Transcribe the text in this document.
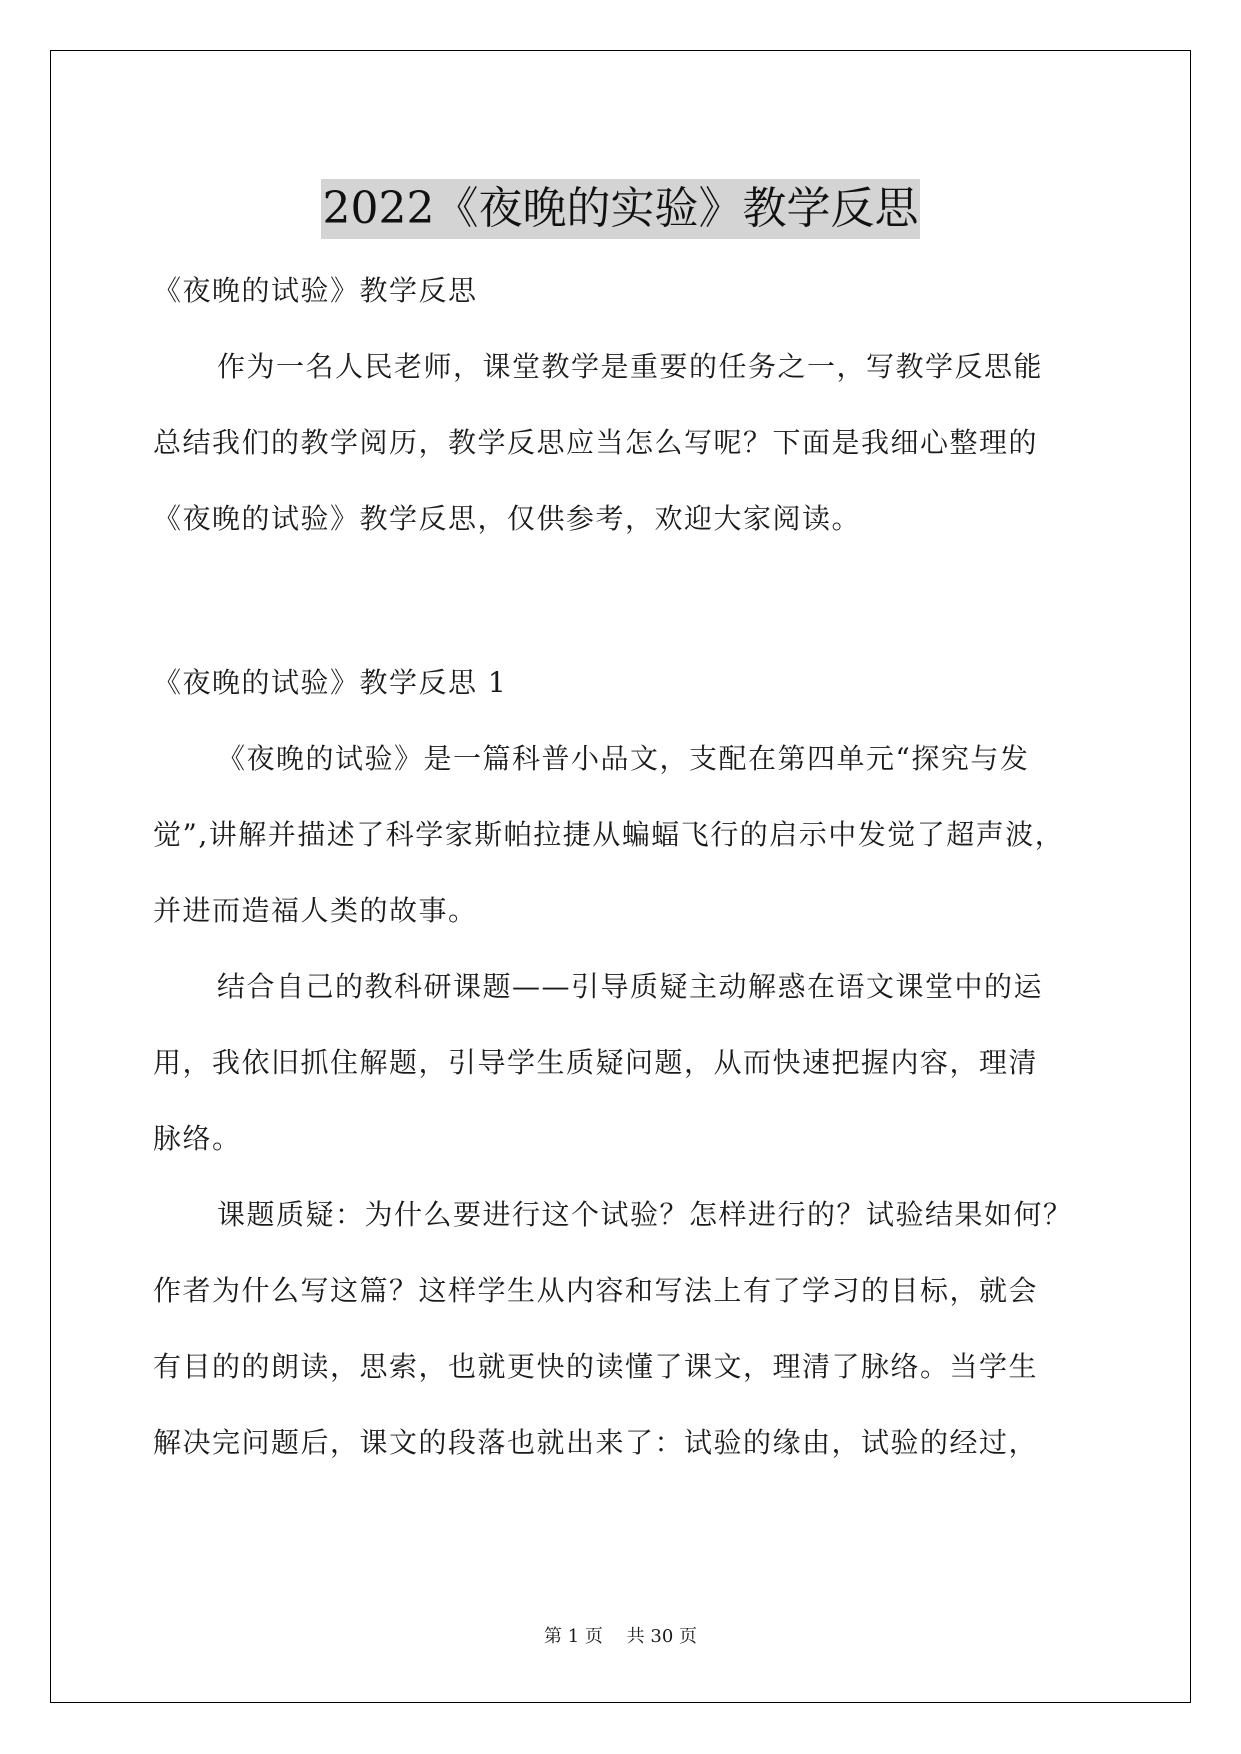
2022《夜晚的实验》教学反思
《夜晚的试验》教学反思
作为一名人民老师，课堂教学是重要的任务之一，写教学反思能
总结我们的教学阅历，教学反思应当怎么写呢？下面是我细心整理的
《夜晚的试验》教学反思，仅供参考，欢迎大家阅读。
《夜晚的试验》教学反思 1
《夜晚的试验》是一篇科普小品文，支配在第四单元“探究与发
觉”,讲解并描述了科学家斯帕拉捷从蝙蝠飞行的启示中发觉了超声波，
并进而造福人类的故事。
结合自己的教科研课题——引导质疑主动解惑在语文课堂中的运
用，我依旧抓住解题，引导学生质疑问题，从而快速把握内容，理清
脉络。
课题质疑：为什么要进行这个试验？怎样进行的？试验结果如何？
作者为什么写这篇？这样学生从内容和写法上有了学习的目标，就会
有目的的朗读，思索，也就更快的读懂了课文，理清了脉络。当学生
解决完问题后，课文的段落也就出来了：试验的缘由，试验的经过，
第 1 页 共 30 页
